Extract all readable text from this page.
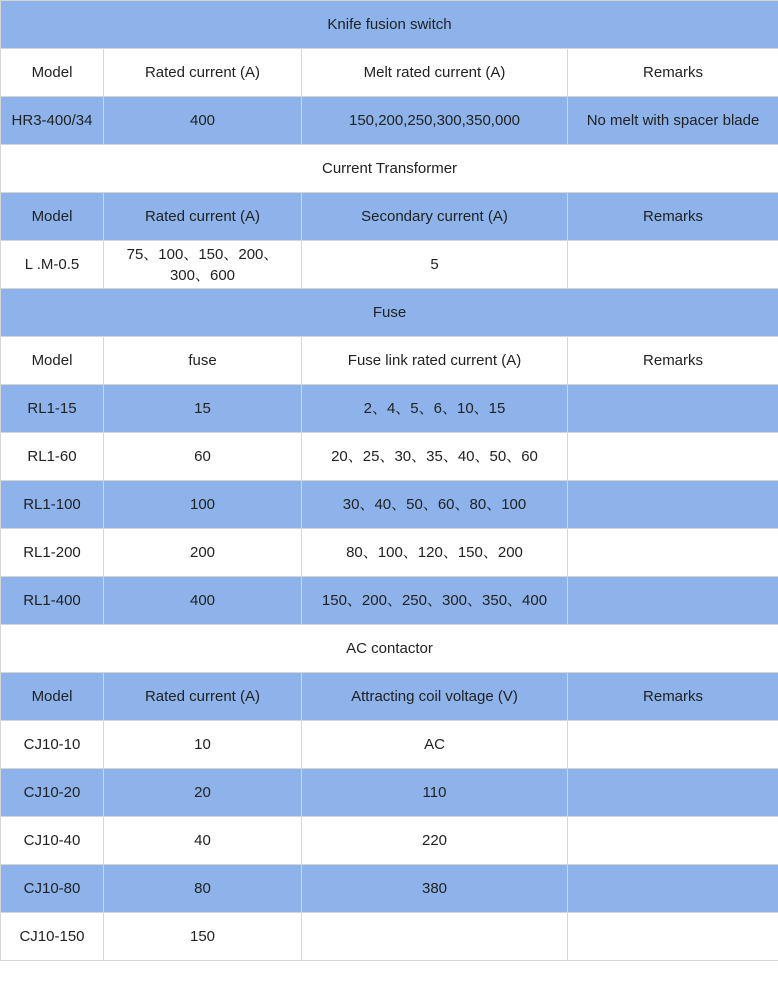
Knife fusion switch			
Model	Rated current (A)	Melt rated current (A)	Remarks
HR3-400/34	400	150,200,250,300,350,000	No melt with spacer blade
Current Transformer			
Model	Rated current (A)	Secondary current (A)	Remarks
L .M-0.5	75、100、150、200、300、600	5	
Fuse			
Model	fuse	Fuse link rated current (A)	Remarks
RL1-15	15	2、4、5、6、10、15	
RL1-60	60	20、25、30、35、40、50、60	
RL1-100	100	30、40、50、60、80、100	
RL1-200	200	80、100、120、150、200	
RL1-400	400	150、200、250、300、350、400	
AC contactor			
Model	Rated current (A)	Attracting coil voltage (V)	Remarks
CJ10-10	10	AC	
CJ10-20	20	110	
CJ10-40	40	220	
CJ10-80	80	380	
CJ10-150	150		
